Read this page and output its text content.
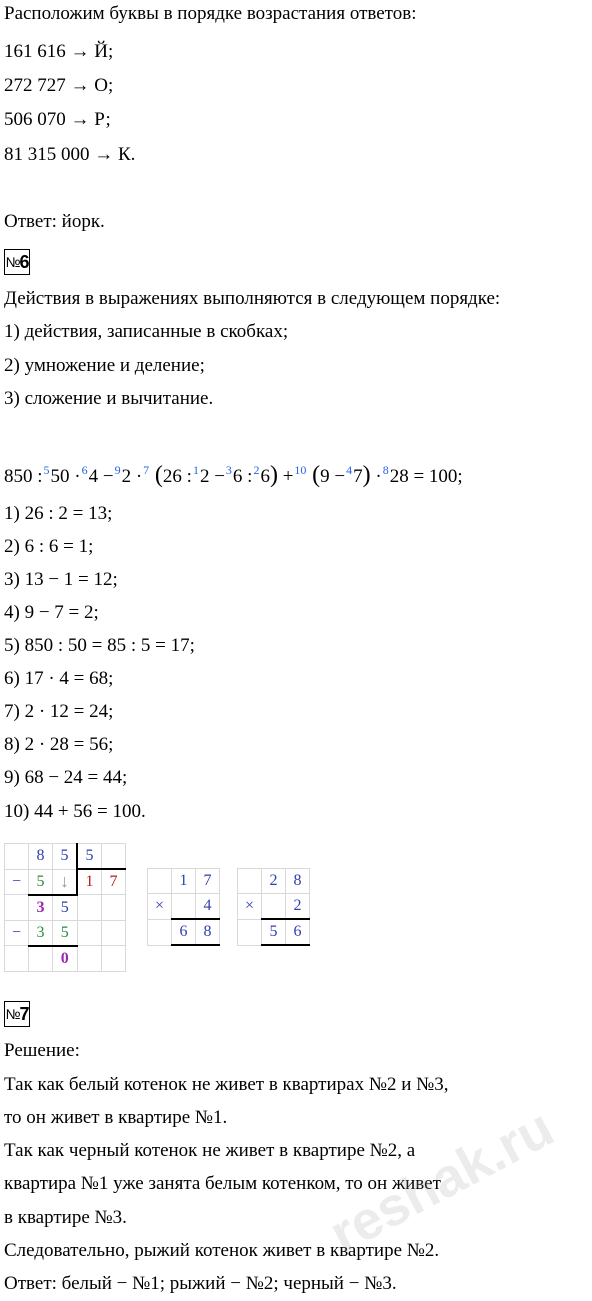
Расположим буквы в порядке возрастания ответов:
161 616 → Й;
272 727 → О;
506 070 → Р;
81 315 000 → К.
Ответ: йорк.
№ 6
Действия в выражениях выполняются в следующем порядке:
1) действия, записанные в скобках;
2) умножение и деление;
3) сложение и вычитание.
850 :$^5$50 ·$^6$4 −$^9$2 ·$^7$ (26 :$^1$2 −$^3$6 :$^2$6) +$^{10}$ (9 −$^4$7) ·$^8$28 = 100;
1) 26 : 2 = 13;
2) 6 : 6 = 1;
3) 13 − 1 = 12;
4) 9 − 7 = 2;
5) 850 : 50 = 85 : 5 = 17;
6) 17 · 4 = 68;
7) 2 · 12 = 24;
8) 2 · 28 = 56;
9) 68 − 24 = 44;
10) 44 + 56 = 100.
	8	5	5	
−	5	↓	1	7
	3	5		
−	3	5		
		0		
	1	7
×		4
	6	8
	2	8
×		2
	5	6
№ 7
Решение:
Так как белый котенок не живет в квартирах №2 и №3,
то он живет в квартире №1.
Так как черный котенок не живет в квартире №2, а
квартира №1 уже занята белым котенком, то он живет
в квартире №3.
Следовательно, рыжий котенок живет в квартире №2.
Ответ: белый − №1; рыжий − №2; черный − №3.
reshak.ru
